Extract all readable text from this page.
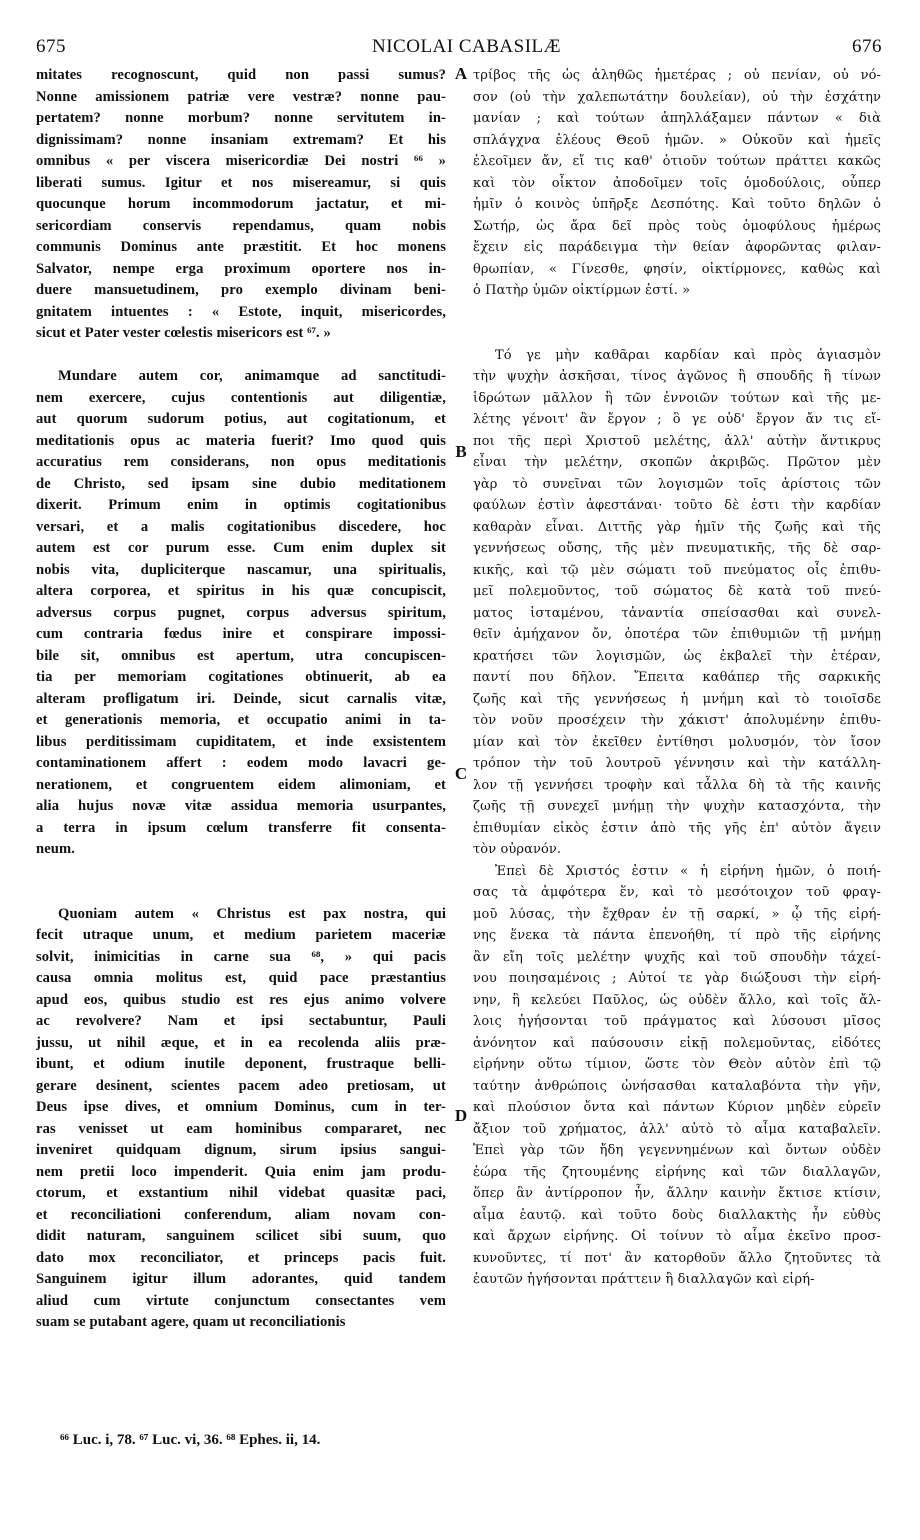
675	NICOLAI CABASILÆ	676
mitates recognoscunt, quid non passi sumus?
Nonne amissionem patriæ vere vestræ? nonne pau-
pertatem? nonne morbum? nonne servitutem in-
dignissimam? nonne insaniam extremam? Et his
omnibus « per viscera misericordiæ Dei nostri ⁶⁶ »
liberati sumus. Igitur et nos misereamur, si quis
quocunque horum incommodorum jactatur, et mi-
sericordiam conservis rependamus, quam nobis
communis Dominus ante præstitit. Et hoc monens
Salvator, nempe erga proximum oportere nos in-
duere mansuetudinem, pro exemplo divinam beni-
gnitatem intuentes : « Estote, inquit, misericordes,
sicut et Pater vester cœlestis misericors est ⁶⁷. »
Mundare autem cor, animamque ad sanctitudi-
nem exercere, cujus contentionis aut diligentiæ,
aut quorum sudorum potius, aut cogitationum, et
meditationis opus ac materia fuerit? Imo quod quis
accuratius rem considerans, non opus meditationis
de Christo, sed ipsam sine dubio meditationem
dixerit. Primum enim in optimis cogitationibus
versari, et a malis cogitationibus discedere, hoc
autem est cor purum esse. Cum enim duplex sit
nobis vita, dupliciterque nascamur, una spiritualis,
altera corporea, et spiritus in his quæ concupiscit,
adversus corpus pugnet, corpus adversus spiritum,
cum contraria fœdus inire et conspirare impossi-
bile sit, omnibus est apertum, utra concupiscen-
tia per memoriam cogitationes obtinuerit, ab ea
alteram profligatum iri. Deinde, sicut carnalis vitæ,
et generationis memoria, et occupatio animi in ta-
libus perditissimam cupiditatem, et inde exsistentem
contaminationem affert : eodem modo lavacri ge-
nerationem, et congruentem eidem alimoniam, et
alia hujus novæ vitæ assidua memoria usurpantes,
a terra in ipsum cœlum transferre fit consenta-
neum.
Quoniam autem « Christus est pax nostra, qui
fecit utraque unum, et medium parietem maceriæ
solvit, inimicitias in carne sua ⁶⁸, » qui pacis
causa omnia molitus est, quid pace præstantius
apud eos, quibus studio est res ejus animo volvere
ac revolvere? Nam et ipsi sectabuntur, Pauli
jussu, ut nihil æque, et in ea recolenda aliis præ-
ibunt, et odium inutile deponent, frustraque belli-
gerare desinent, scientes pacem adeo pretiosam, ut
Deus ipse dives, et omnium Dominus, cum in ter-
ras venisset ut eam hominibus compararet, nec
inveniret quidquam dignum, sirum ipsius sangui-
nem pretii loco impenderit. Quia enim jam produ-
ctorum, et exstantium nihil videbat quasitæ paci,
et reconciliationi conferendum, aliam novam con-
didit naturam, sanguinem scilicet sibi suum, quo
dato mox reconciliator, et princeps pacis fuit.
Sanguinem igitur illum adorantes, quid tandem
aliud cum virtute conjunctum consectantes vem
suam se putabant agere, quam ut reconciliationis
A
B
C
D
τρίβος τῆς ὡς ἀληθῶς ἡμετέρας ; οὐ πενίαν, οὐ νό-
σον (οὐ τὴν χαλεπωτάτην δουλείαν), οὐ τὴν ἐσχάτην
μανίαν ; καὶ τούτων ἀπηλλάξαμεν πάντων « διὰ
σπλάγχνα ἐλέους Θεοῦ ἡμῶν. » Οὐκοῦν καὶ ἡμεῖς
ἐλεοῖμεν ἄν, εἴ τις καθ' ὁτιοῦν τούτων πράττει κακῶς
καὶ τὸν οἶκτον ἀποδοῖμεν τοῖς ὁμοδούλοις, οὗπερ
ἡμῖν ὁ κοινὸς ὑπῆρξε Δεσπότης. Καὶ τοῦτο δηλῶν ὁ
Σωτήρ, ὡς ἄρα δεῖ πρὸς τοὺς ὁμοφύλους ἡμέρως
ἔχειν εἰς παράδειγμα τὴν θείαν ἀφορῶντας φιλαν-
θρωπίαν, « Γίνεσθε, φησίν, οἰκτίρμονες, καθὼς καὶ
ὁ Πατὴρ ὑμῶν οἰκτίρμων ἐστί. »
Τό γε μὴν καθᾶραι καρδίαν καὶ πρὸς ἁγιασμὸν
τὴν ψυχὴν ἀσκῆσαι, τίνος ἀγῶνος ἢ σπουδῆς ἢ τίνων
ἱδρώτων μᾶλλον ἢ τῶν ἐννοιῶν τούτων καὶ τῆς με-
λέτης γένοιτ' ἂν ἔργον ; ὃ γε οὐδ' ἔργον ἄν τις εἴ-
ποι τῆς περὶ Χριστοῦ μελέτης, ἀλλ' αὐτὴν ἄντικρυς
εἶναι τὴν μελέτην, σκοπῶν ἀκριβῶς. Πρῶτον μὲν
γὰρ τὸ συνεῖναι τῶν λογισμῶν τοῖς ἀρίστοις τῶν
φαύλων ἐστὶν ἀφεστάναι· τοῦτο δὲ ἐστι τὴν καρδίαν
καθαρὰν εἶναι. Διττῆς γὰρ ἡμῖν τῆς ζωῆς καὶ τῆς
γεννήσεως οὔσης, τῆς μὲν πνευματικῆς, τῆς δὲ σαρ-
κικῆς, καὶ τῷ μὲν σώματι τοῦ πνεύματος οἷς ἐπιθυ-
μεῖ πολεμοῦντος, τοῦ σώματος δὲ κατὰ τοῦ πνεύ-
ματος ἱσταμένου, τἀναντία σπείσασθαι καὶ συνελ-
θεῖν ἀμήχανον ὄν, ὁποτέρα τῶν ἐπιθυμιῶν τῇ μνήμῃ
κρατήσει τῶν λογισμῶν, ὡς ἐκβαλεῖ τὴν ἑτέραν,
παντί που δῆλον. Ἔπειτα καθάπερ τῆς σαρκικῆς
ζωῆς καὶ τῆς γεννήσεως ἡ μνήμη καὶ τὸ τοιοῖσδε
τὸν νοῦν προσέχειν τὴν χάκιστ' ἀπολυμένην ἐπιθυ-
μίαν καὶ τὸν ἐκεῖθεν ἐντίθησι μολυσμόν, τὸν ἴσον
τρόπον τὴν τοῦ λουτροῦ γέννησιν καὶ τὴν κατάλλη-
λον τῇ γεννήσει τροφὴν καὶ τἆλλα δὴ τὰ τῆς καινῆς
ζωῆς τῇ συνεχεῖ μνήμῃ τὴν ψυχὴν κατασχόντα, τὴν
ἐπιθυμίαν εἰκὸς ἐστιν ἀπὸ τῆς γῆς ἐπ' αὐτὸν ἄγειν
τὸν οὐρανόν.
Ἐπεὶ δὲ Χριστός ἐστιν « ἡ εἰρήνη ἡμῶν, ὁ ποιή-
σας τὰ ἀμφότερα ἕν, καὶ τὸ μεσότοιχον τοῦ φραγ-
μοῦ λύσας, τὴν ἔχθραν ἐν τῇ σαρκί, » ᾧ τῆς εἰρή-
νης ἕνεκα τὰ πάντα ἐπενοήθη, τί πρὸ τῆς εἰρήνης
ἂν εἴη τοῖς μελέτην ψυχῆς καὶ τοῦ σπουδὴν τάχεί-
νου ποιησαμένοις ; Αὐτοί τε γὰρ διώξουσι τὴν εἰρή-
νην, ἣ κελεύει Παῦλος, ὡς οὐδὲν ἄλλο, καὶ τοῖς ἄλ-
λοις ἡγήσονται τοῦ πράγματος καὶ λύσουσι μῖσος
ἀνόνητον καὶ παύσουσιν εἰκῇ πολεμοῦντας, εἰδότες
εἰρήνην οὕτω τίμιον, ὥστε τὸν Θεὸν αὐτὸν ἐπὶ τῷ
ταύτην ἀνθρώποις ὠνήσασθαι καταλαβόντα τὴν γῆν,
καὶ πλούσιον ὄντα καὶ πάντων Κύριον μηδὲν εὑρεῖν
ἄξιον τοῦ χρήματος, ἀλλ' αὐτὸ τὸ αἷμα καταβαλεῖν.
Ἐπεὶ γὰρ τῶν ἤδη γεγεννημένων καὶ ὄντων οὐδὲν
ἑώρα τῆς ζητουμένης εἰρήνης καὶ τῶν διαλλαγῶν,
ὅπερ ἂν ἀντίρροπον ἦν, ἄλλην καινὴν ἔκτισε κτίσιν,
αἷμα ἑαυτῷ. καὶ τοῦτο δοὺς διαλλακτὴς ἦν εὐθὺς
καὶ ἄρχων εἰρήνης. Οἱ τοίνυν τὸ αἷμα ἐκεῖνο προσ-
κυνοῦντες, τί ποτ' ἂν κατορθοῦν ἄλλο ζητοῦντες τὰ
ἑαυτῶν ἡγήσονται πράττειν ἢ διαλλαγῶν καὶ εἰρή-
⁶⁶ Luc. i, 78. ⁶⁷ Luc. vi, 36. ⁶⁸ Ephes. ii, 14.
